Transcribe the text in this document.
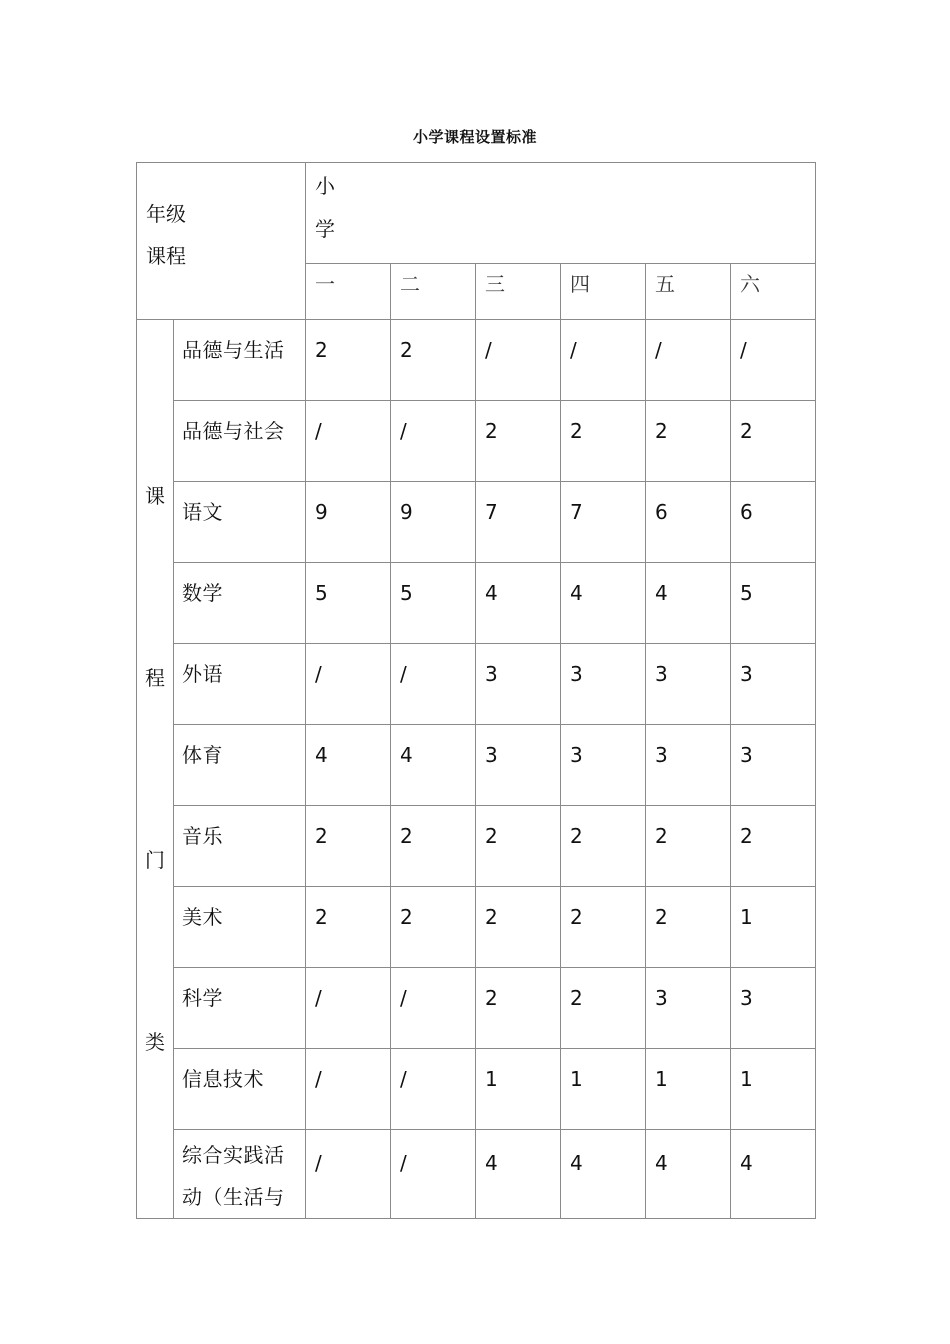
小学课程设置标准
年级
课程		小
学					

		一	二	三	四	五	六

课
程
门
类	品德与生活	2	2	/	/	/	/
	品德与社会	/	/	2	2	2	2
	语文	9	9	7	7	6	6
	数学	5	5	4	4	4	5
	外语	/	/	3	3	3	3
	体育	4	4	3	3	3	3
	音乐	2	2	2	2	2	2
	美术	2	2	2	2	2	1
	科学	/	/	2	2	3	3
	信息技术	/	/	1	1	1	1

	综合实践活
动（生活与	/	/	4	4	4	4
